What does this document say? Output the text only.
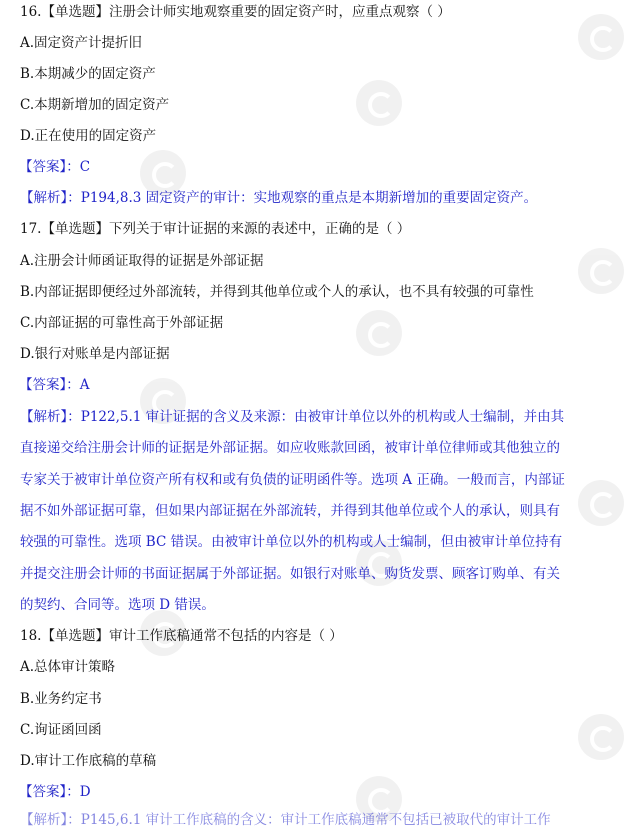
16.【单选题】注册会计师实地观察重要的固定资产时，应重点观察（ ）
A.固定资产计提折旧
B.本期减少的固定资产
C.本期新增加的固定资产
D.正在使用的固定资产
【答案】：C
【解析】：P194,8.3 固定资产的审计：实地观察的重点是本期新增加的重要固定资产。
17.【单选题】下列关于审计证据的来源的表述中，正确的是（ ）
A.注册会计师函证取得的证据是外部证据
B.内部证据即便经过外部流转，并得到其他单位或个人的承认，也不具有较强的可靠性
C.内部证据的可靠性高于外部证据
D.银行对账单是内部证据
【答案】：A
【解析】：P122,5.1 审计证据的含义及来源：由被审计单位以外的机构或人士编制，并由其
直接递交给注册会计师的证据是外部证据。如应收账款回函，被审计单位律师或其他独立的
专家关于被审计单位资产所有权和或有负债的证明函件等。选项 A 正确。一般而言，内部证
据不如外部证据可靠，但如果内部证据在外部流转，并得到其他单位或个人的承认，则具有
较强的可靠性。选项 BC 错误。由被审计单位以外的机构或人士编制，但由被审计单位持有
并提交注册会计师的书面证据属于外部证据。如银行对账单、购货发票、顾客订购单、有关
的契约、合同等。选项 D 错误。
18.【单选题】审计工作底稿通常不包括的内容是（ ）
A.总体审计策略
B.业务约定书
C.询证函回函
D.审计工作底稿的草稿
【答案】：D
【解析】：P145,6.1 审计工作底稿的含义：审计工作底稿通常不包括已被取代的审计工作
